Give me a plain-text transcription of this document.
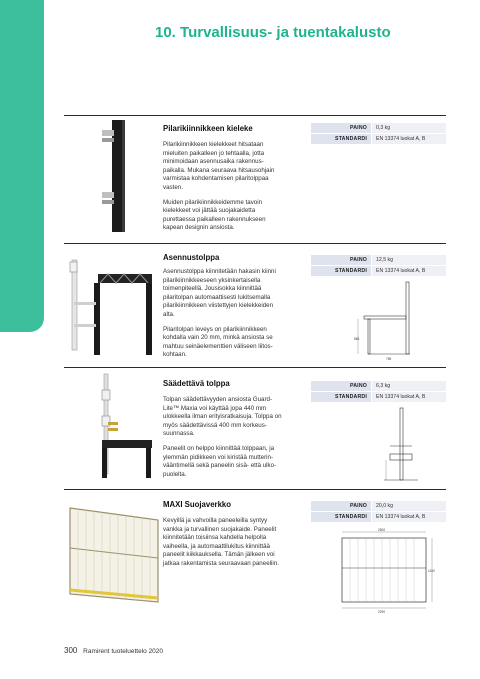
10. Turvallisuus- ja tuentakalusto
Pilarikiinnikkeen kieleke

Pilarikiinnikkeen kielekkeet hitsataan
mieluiten paikalleen jo tehtaalla, jotta
minimoidaan asennusaika rakennus-
paikalla. Mukana seuraava hitsausohjain
varmistaa kohdentamisen pilaritolppaa
vasten.

Muiden pilarikiinnikkeidemme tavoin
kielekkeet voi jättää suojakaidetta
purettaessa paikalleen rakennukseen
kapean designin ansiosta.

PAINO	0,3 kg
STANDARDI	EN 13374 luokat A, B
Asennustolppa

Asennustolppa kiinnitetään hakasin kiinni
pilarikiinnikkeeseen yksinkertaisella
toimenpiteellä. Jousisokka kiinnittää
pilaritolpan automaattisesti lukitsemalla
pilarikiinnikkeen viistettyjen kielekkeiden
alta.

Pilaritolpan leveys on pilarikiinnikkeen
kohdalla vain 20 mm, minkä ansiosta se
mahtuu seinäelementtien väliseen liitos-
kohtaan.

PAINO	12,5 kg
STANDARDI	EN 13374 luokat A, B
865
785
Säädettävä tolppa

Tolpan säädettävyyden ansiosta Guard-
Lite™ Maxia voi käyttää jopa 440 mm
ulokkeella ilman erityisratkaisuja. Tolppa on
myös säädettävissä 400 mm korkeus-
suunnassa.

Paneelit on helppo kiinnittää tolppaan, ja
ylemmän pidikkeen voi kiristää mutterin-
vääntimellä sekä paneelin sisä- että ulko-
puolelta.

PAINO	6,3 kg
STANDARDI	EN 13374 luokat A, B
MAXI Suojaverkko

Kevyillä ja vahvoilla paneeleilla syntyy
vankka ja turvallinen suojakaide. Paneelit
kiinnitetään toisiinsa kahdella helpolla
vaiheella, ja automaattilukitus kiinnittää
paneelit kiikkauksella. Tämän jälkeen voi
jatkaa rakentamista seuraavaan paneeliin.

PAINO	20,0 kg
STANDARDI	EN 13374 luokat A, B
2500
2290
1100
300 Ramirent tuoteluettelo 2020
